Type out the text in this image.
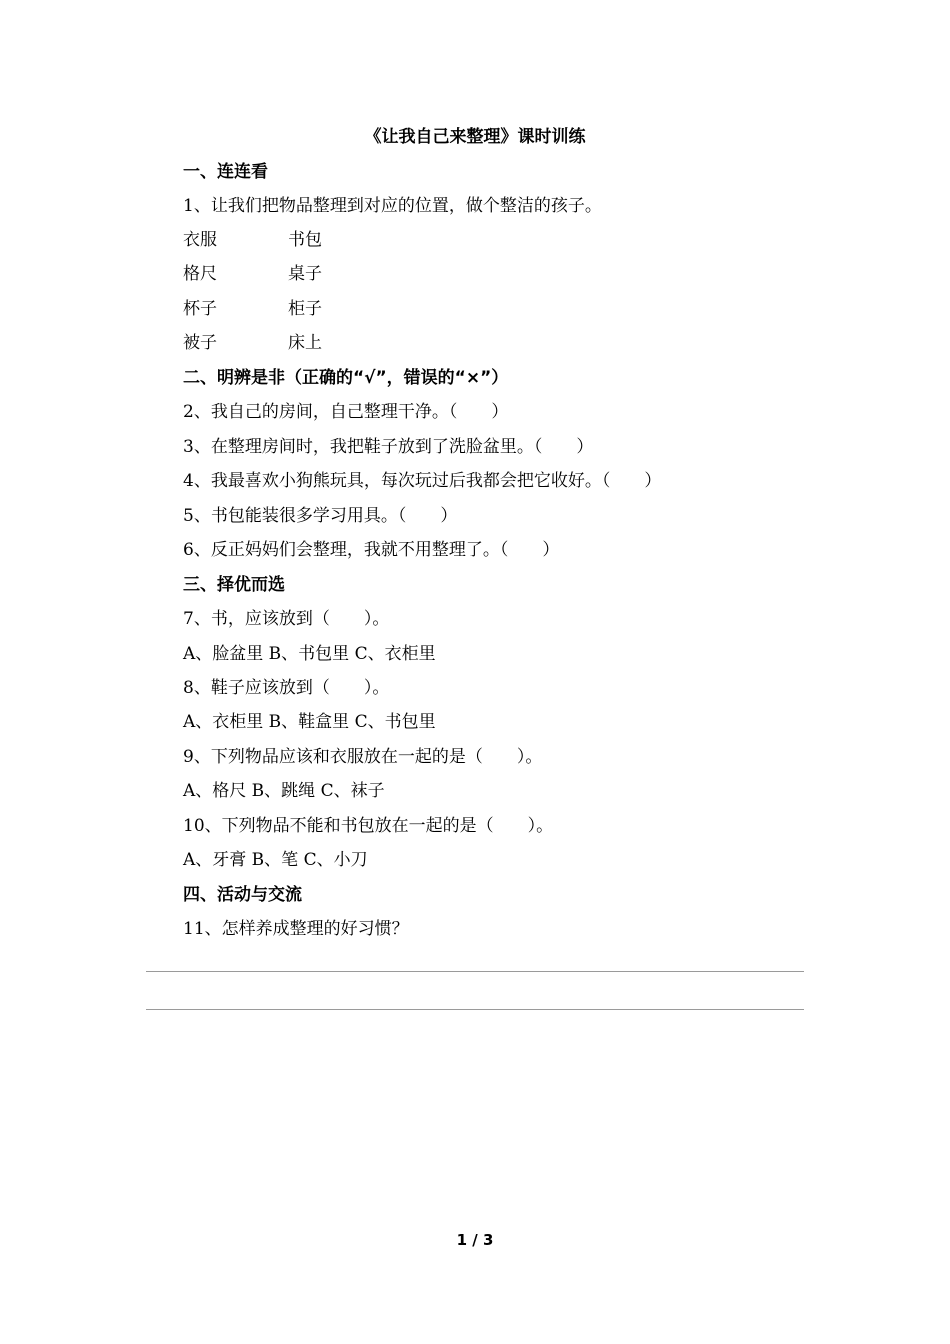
《让我自己来整理》课时训练
一、连连看
1、让我们把物品整理到对应的位置，做个整洁的孩子。
衣服	书包
格尺	桌子
杯子	柜子
被子	床上
二、明辨是非（正确的“√”，错误的“×”）
2、我自己的房间，自己整理干净。（　　）
3、在整理房间时，我把鞋子放到了洗脸盆里。（　　）
4、我最喜欢小狗熊玩具，每次玩过后我都会把它收好。（　　）
5、书包能装很多学习用具。（　　）
6、反正妈妈们会整理，我就不用整理了。（　　）
三、择优而选
7、书，应该放到（　　）。
A、脸盆里 B、书包里 C、衣柜里
8、鞋子应该放到（　　）。
A、衣柜里 B、鞋盒里 C、书包里
9、下列物品应该和衣服放在一起的是（　　）。
A、格尺 B、跳绳 C、袜子
10、下列物品不能和书包放在一起的是（　　）。
A、牙膏 B、笔 C、小刀
四、活动与交流
11、怎样养成整理的好习惯？
1 / 3
